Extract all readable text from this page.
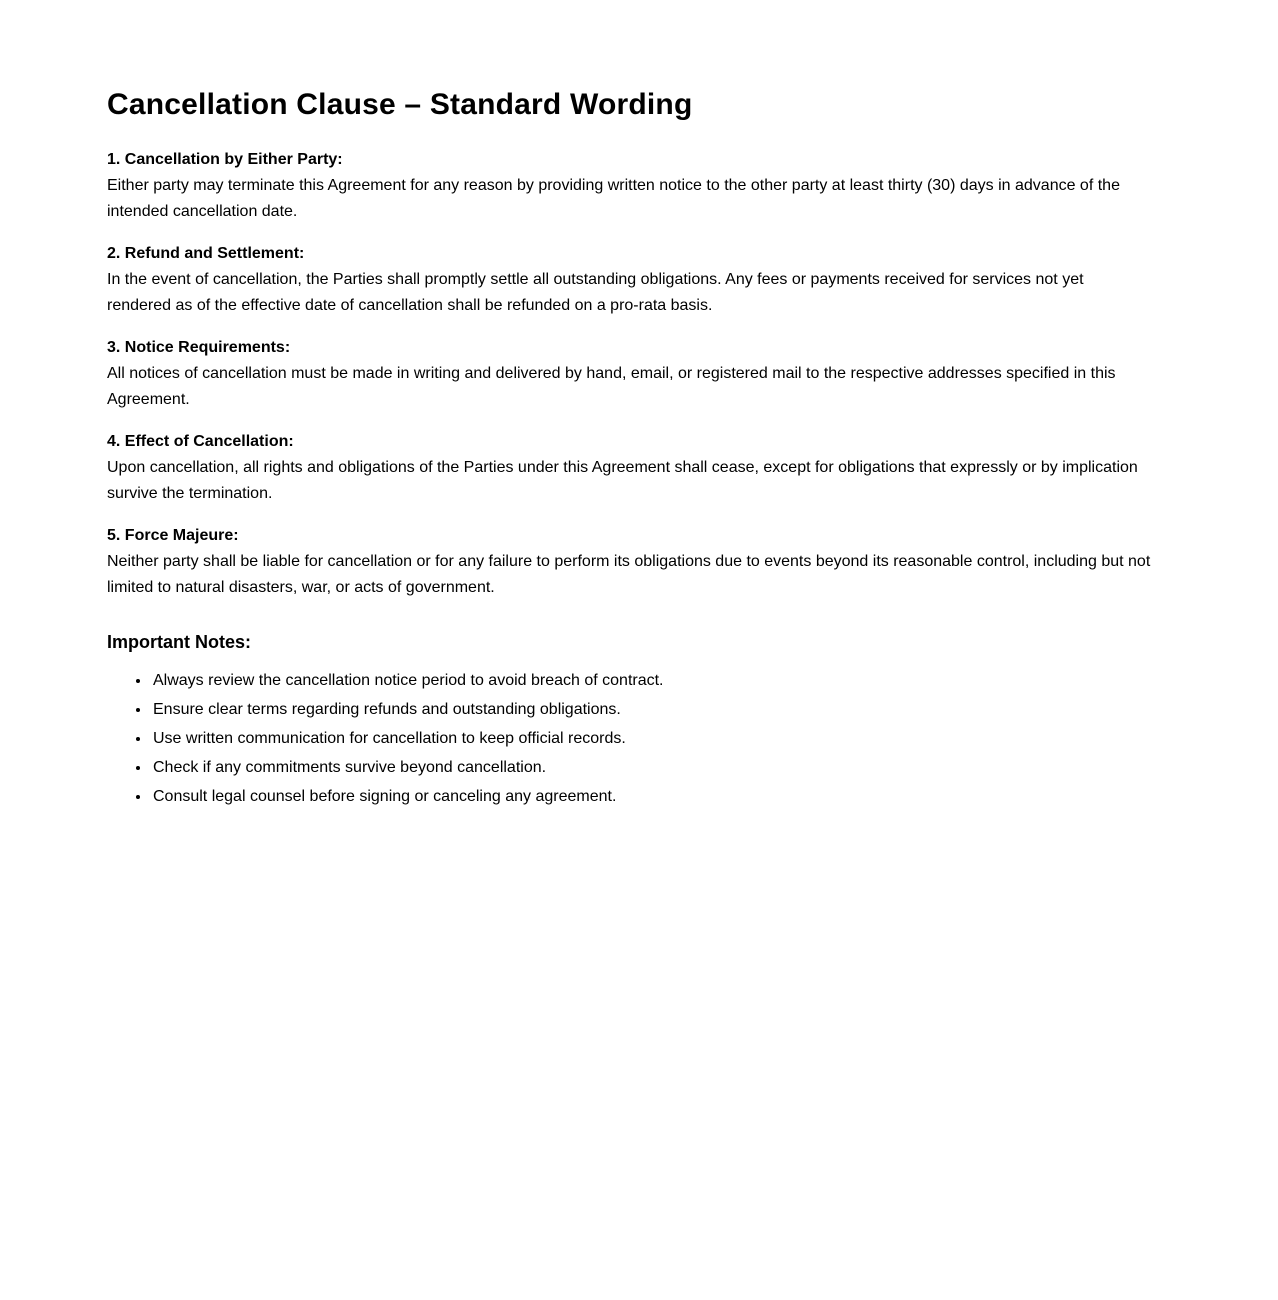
Cancellation Clause – Standard Wording

1. Cancellation by Either Party:
Either party may terminate this Agreement for any reason by providing written notice to the other party at least thirty (30) days in advance of the intended cancellation date.

2. Refund and Settlement:
In the event of cancellation, the Parties shall promptly settle all outstanding obligations. Any fees or payments received for services not yet rendered as of the effective date of cancellation shall be refunded on a pro-rata basis.

3. Notice Requirements:
All notices of cancellation must be made in writing and delivered by hand, email, or registered mail to the respective addresses specified in this Agreement.

4. Effect of Cancellation:
Upon cancellation, all rights and obligations of the Parties under this Agreement shall cease, except for obligations that expressly or by implication survive the termination.

5. Force Majeure:
Neither party shall be liable for cancellation or for any failure to perform its obligations due to events beyond its reasonable control, including but not limited to natural disasters, war, or acts of government.

Important Notes:
• Always review the cancellation notice period to avoid breach of contract.
• Ensure clear terms regarding refunds and outstanding obligations.
• Use written communication for cancellation to keep official records.
• Check if any commitments survive beyond cancellation.
• Consult legal counsel before signing or canceling any agreement.
